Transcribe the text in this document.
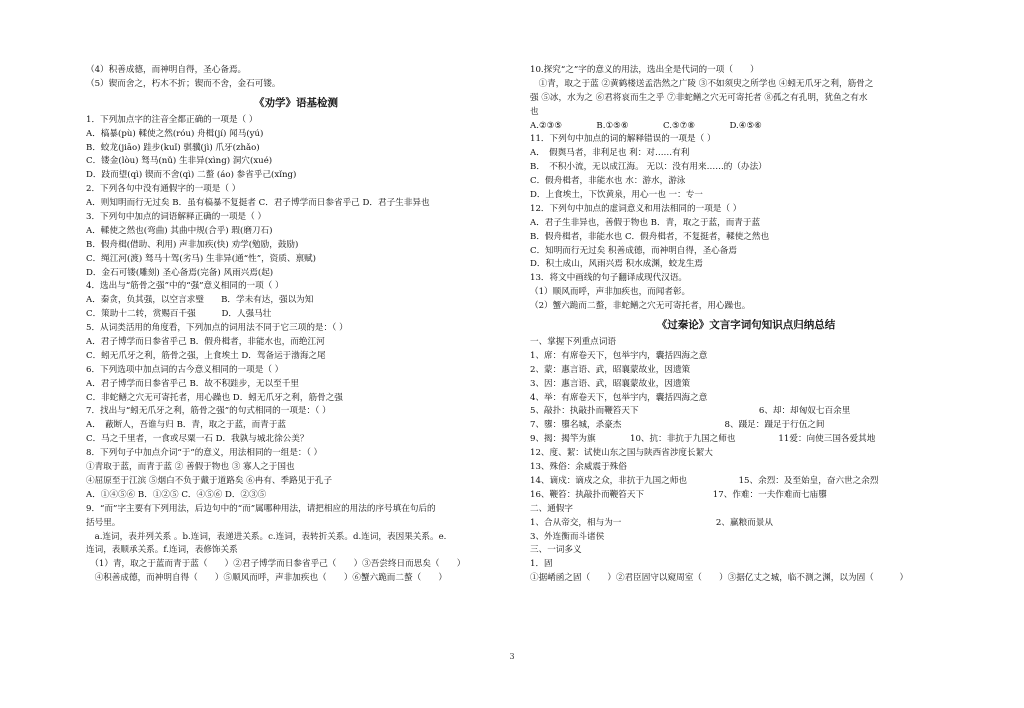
（4）积善成德，而神明自得，圣心备焉。
（5）锲而舍之，朽木不折；锲而不舍，金石可镂。
《劝学》语基检测
1．下列加点字的注音全都正确的一项是（ ）
A．槁暴(pù) 輮使之然(róu) 舟楫(jí) 闻马(yú)
B．蛟龙(jiāo) 跬步(kuǐ) 骐骥(jì) 爪牙(zhǎo)
C．镂金(lòu) 驽马(nǔ) 生非异(xìng) 洞穴(xué)
D．跂而望(qì) 锲而不舍(qì) 二螯 (áo) 参省乎己(xǐng)
2．下列各句中没有通假字的一项是（ ）
A．则知明而行无过矣 B．虽有槁暴不复挺者 C．君子博学而日参省乎己 D．君子生非异也
3．下列句中加点的词语解释正确的一项是（ ）
A．輮使之然也(弯曲) 其曲中规(合乎) 瑕(磨刀石)
B．假舟楫(借助、利用) 声非加疾(快) 劝学(勉励，鼓励)
C．绳江河(渡) 驽马十驾(劣马) 生非异(通“性”，资质、禀赋)
D．金石可镂(雕刻) 圣心备焉(完备) 风雨兴焉(起)
4．选出与“筋骨之强”中的“强”意义相同的一项（ ）
A．秦贪，负其强，以空言求璧　　B．学未有达，强以为知
C．策助十二转，赏赐百千强　　　D．人强马壮
5．从词类活用的角度看，下列加点的词用法不同于它三项的是：（ ）
A．君子博学而日参省乎己 B．假舟楫者，非能水也，而绝江河
C．蚓无爪牙之利，筋骨之强，上食埃土 D．驾备运于渤海之尾
6．下列选项中加点词的古今意义相同的一项是（ ）
A．君子博学而日参省乎己 B．故不积跬步，无以至千里
C．非蛇鳝之穴无可寄托者，用心躁也 D．蚓无爪牙之利，筋骨之强
7．找出与“蚓无爪牙之利，筋骨之强”的句式相同的一项是：（ ）
A．　蔽断人，吾谁与归 B．青，取之于蓝，而青于蓝
C．马之千里者，一食或尽粟一石 D．我孰与城北徐公美？
8．下列句子中加点介词“于”的意义，用法相同的一组是：（ ）
①青取于蓝，而青于蓝 ② 善假于物也 ③ 寡人之于国也
④屈原至于江滨 ⑤烟白不负于戴于道路矣 ⑥冉有、季路见于孔子
A．①④⑤⑥ B．①②⑤ C．④⑤⑥ D．②③⑤
9．“而”字主要有下列用法，后边句中的“而”属哪种用法，请把相应的用法的序号填在句后的
括号里。
　a.连词，表并列关系 。b.连词，表递进关系。c.连词，表转折关系。d.连词，表因果关系。e.
连词，表顺承关系。f.连词，表修饰关系
　（1）青，取之于蓝而青于蓝（　　）②君子博学而日参省乎己（　　）③吾尝终日而思矣（　　）
　④积善成德，而神明自得（　　）⑤顺风而呼，声非加疾也（　　）⑥蟹六跪而二螯（　　）
10.探究“之”字的意义的用法，选出全是代词的一项（　　）
　①青，取之于蓝 ②黄鹤楼送孟浩然之广陵 ③不如须臾之所学也 ④蚓无爪牙之利，筋骨之
强 ⑤冰，水为之 ⑥君将哀而生之乎 ⑦非蛇鳝之穴无可寄托者 ⑧孤之有孔明，犹鱼之有水
也
A.②③⑤　　　　B.①⑤⑥　　　　C.⑤⑦⑧　　　　D.④⑤⑥
11．下列句中加点的词的解释错误的一项是（ ）
A．　假舆马者，非利足也 利：对……有利
B．　不积小流，无以成江海。 无以：没有用来……的（办法）
C．假舟楫者，非能水也 水：游水，游泳
D．上食埃土，下饮黄泉，用心一也 一：专一
12．下列句中加点的虚词意义和用法相同的一项是（ ）
A．君子生非异也，善假于物也 B．青，取之于蓝，而青于蓝
B．假舟楫者，非能水也 C．假舟楫者，不复挺者，輮使之然也
C．知明而行无过矣 积善成德，而神明自得，圣心备焉
D．积土成山，风雨兴焉 积水成渊，蛟龙生焉
13．将文中画线的句子翻译成现代汉语。
（1）顺风而呼，声非加疾也，而闻者彰。
（2）蟹六跪而二螯，非蛇鳝之穴无可寄托者，用心躁也。
《过秦论》文言字词句知识点归纳总结
一、掌握下列重点词语
1、席：有席卷天下，包举宇内，囊括四海之意
2、蒙：惠言语、武，昭襄蒙故业，因遗策
3、因：惠言语、武，昭襄蒙故业，因遗策
4、举：有席卷天下，包举宇内，囊括四海之意
5、敲扑：执敲扑而鞭笞天下　　　　　　　　　　　　　　6、却：却匈奴七百余里
7、隳：隳名城，杀豪杰　　　　　　　　　　　　8、蹑足：蹑足于行伍之间
9、揭：揭竿为旗　　　　10、抗：非抗于九国之师也　　　　　11爱：向使三国各爱其地
12、度、絜：试使山东之国与陕西省涉度长絜大
13、殊俗：余威震于殊俗
14、谪戍：谪戍之众，非抗于九国之师也　　　　　　15、余烈：及至始皇，奋六世之余烈
16、鞭笞：执敲扑而鞭笞天下　　　　　　　　17、作难：一夫作难而七庙隳
二、通假字
1、合从帝交，相与为一　　　　　　　　　　　2、赢粮而景从
3、外连衡而斗诸侯
三、一词多义
1．固
①据崤函之固（　　）②君臣固守以窥周室（　　）③据亿丈之城，临不测之渊，以为固（　　　）
3
